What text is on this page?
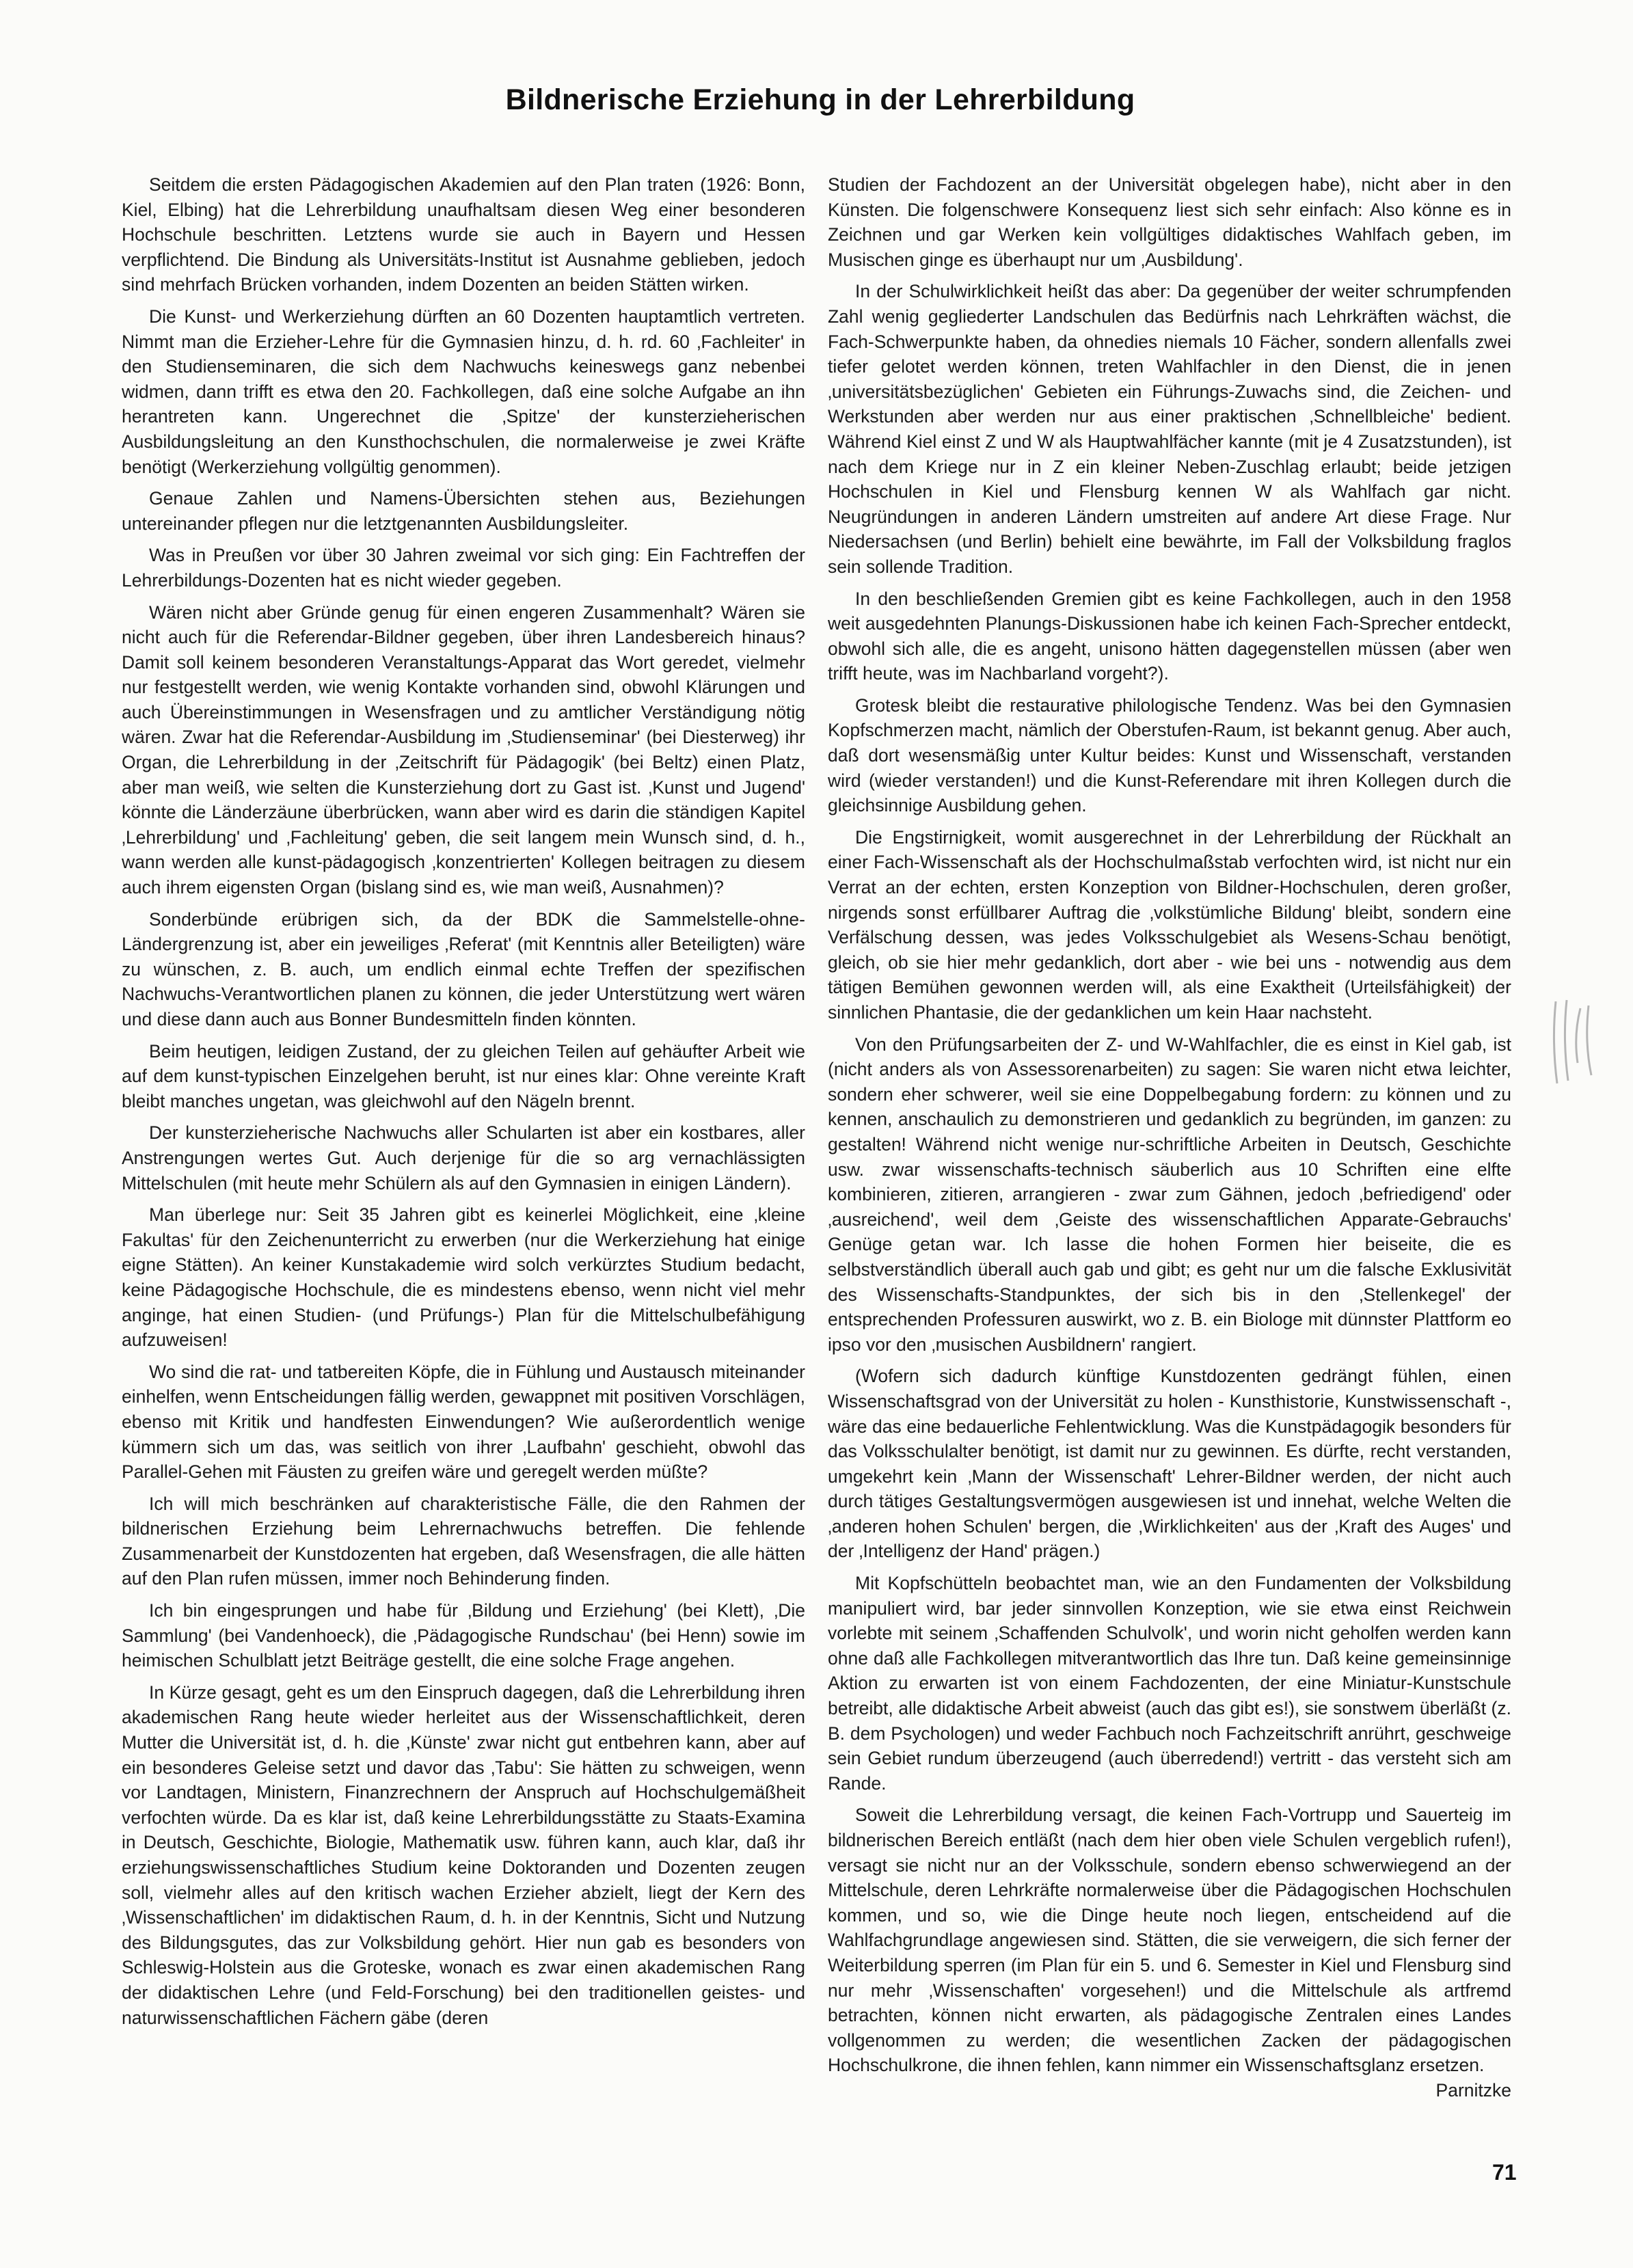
Bildnerische Erziehung in der Lehrerbildung

Seitdem die ersten Pädagogischen Akademien auf den Plan traten (1926: Bonn, Kiel, Elbing) hat die Lehrerbildung unaufhaltsam diesen Weg einer besonderen Hochschule beschritten. Letztens wurde sie auch in Bayern und Hessen verpflichtend. Die Bindung als Universitäts-Institut ist Ausnahme geblieben, jedoch sind mehrfach Brücken vorhanden, indem Dozenten an beiden Stätten wirken.

Die Kunst- und Werkerziehung dürften an 60 Dozenten hauptamtlich vertreten. Nimmt man die Erzieher-Lehre für die Gymnasien hinzu, d. h. rd. 60 ‚Fachleiter' in den Studienseminaren, die sich dem Nachwuchs keineswegs ganz nebenbei widmen, dann trifft es etwa den 20. Fachkollegen, daß eine solche Aufgabe an ihn herantreten kann. Ungerechnet die ‚Spitze' der kunsterzieherischen Ausbildungsleitung an den Kunsthochschulen, die normalerweise je zwei Kräfte benötigt (Werkerziehung vollgültig genommen).

Genaue Zahlen und Namens-Übersichten stehen aus, Beziehungen untereinander pflegen nur die letztgenannten Ausbildungsleiter.

Was in Preußen vor über 30 Jahren zweimal vor sich ging: Ein Fachtreffen der Lehrerbildungs-Dozenten hat es nicht wieder gegeben.

Wären nicht aber Gründe genug für einen engeren Zusammenhalt? Wären sie nicht auch für die Referendar-Bildner gegeben, über ihren Landesbereich hinaus? Damit soll keinem besonderen Veranstaltungs-Apparat das Wort geredet, vielmehr nur festgestellt werden, wie wenig Kontakte vorhanden sind, obwohl Klärungen und auch Übereinstimmungen in Wesensfragen und zu amtlicher Verständigung nötig wären. Zwar hat die Referendar-Ausbildung im ‚Studienseminar' (bei Diesterweg) ihr Organ, die Lehrerbildung in der ‚Zeitschrift für Pädagogik' (bei Beltz) einen Platz, aber man weiß, wie selten die Kunsterziehung dort zu Gast ist. ‚Kunst und Jugend' könnte die Länderzäune überbrücken, wann aber wird es darin die ständigen Kapitel ‚Lehrerbildung' und ‚Fachleitung' geben, die seit langem mein Wunsch sind, d. h., wann werden alle kunst-pädagogisch ‚konzentrierten' Kollegen beitragen zu diesem auch ihrem eigensten Organ (bislang sind es, wie man weiß, Ausnahmen)?

Sonderbünde erübrigen sich, da der BDK die Sammelstelle-ohne-Ländergrenzung ist, aber ein jeweiliges ‚Referat' (mit Kenntnis aller Beteiligten) wäre zu wünschen, z. B. auch, um endlich einmal echte Treffen der spezifischen Nachwuchs-Verantwortlichen planen zu können, die jeder Unterstützung wert wären und diese dann auch aus Bonner Bundesmitteln finden könnten.

Beim heutigen, leidigen Zustand, der zu gleichen Teilen auf gehäufter Arbeit wie auf dem kunst-typischen Einzelgehen beruht, ist nur eines klar: Ohne vereinte Kraft bleibt manches ungetan, was gleichwohl auf den Nägeln brennt.

Der kunsterzieherische Nachwuchs aller Schularten ist aber ein kostbares, aller Anstrengungen wertes Gut. Auch derjenige für die so arg vernachlässigten Mittelschulen (mit heute mehr Schülern als auf den Gymnasien in einigen Ländern).

Man überlege nur: Seit 35 Jahren gibt es keinerlei Möglichkeit, eine ‚kleine Fakultas' für den Zeichenunterricht zu erwerben (nur die Werkerziehung hat einige eigne Stätten). An keiner Kunstakademie wird solch verkürztes Studium bedacht, keine Pädagogische Hochschule, die es mindestens ebenso, wenn nicht viel mehr anginge, hat einen Studien- (und Prüfungs-) Plan für die Mittelschulbefähigung aufzuweisen!

Wo sind die rat- und tatbereiten Köpfe, die in Fühlung und Austausch miteinander einhelfen, wenn Entscheidungen fällig werden, gewappnet mit positiven Vorschlägen, ebenso mit Kritik und handfesten Einwendungen? Wie außerordentlich wenige kümmern sich um das, was seitlich von ihrer ‚Laufbahn' geschieht, obwohl das Parallel-Gehen mit Fäusten zu greifen wäre und geregelt werden müßte?

Ich will mich beschränken auf charakteristische Fälle, die den Rahmen der bildnerischen Erziehung beim Lehrernachwuchs betreffen. Die fehlende Zusammenarbeit der Kunstdozenten hat ergeben, daß Wesensfragen, die alle hätten auf den Plan rufen müssen, immer noch Behinderung finden.

Ich bin eingesprungen und habe für ‚Bildung und Erziehung' (bei Klett), ‚Die Sammlung' (bei Vandenhoeck), die ‚Pädagogische Rundschau' (bei Henn) sowie im heimischen Schulblatt jetzt Beiträge gestellt, die eine solche Frage angehen.

In Kürze gesagt, geht es um den Einspruch dagegen, daß die Lehrerbildung ihren akademischen Rang heute wieder herleitet aus der Wissenschaftlichkeit, deren Mutter die Universität ist, d. h. die ‚Künste' zwar nicht gut entbehren kann, aber auf ein besonderes Geleise setzt und davor das ‚Tabu': Sie hätten zu schweigen, wenn vor Landtagen, Ministern, Finanzrechnern der Anspruch auf Hochschulgemäßheit verfochten würde. Da es klar ist, daß keine Lehrerbildungsstätte zu Staats-Examina in Deutsch, Geschichte, Biologie, Mathematik usw. führen kann, auch klar, daß ihr erziehungswissenschaftliches Studium keine Doktoranden und Dozenten zeugen soll, vielmehr alles auf den kritisch wachen Erzieher abzielt, liegt der Kern des ‚Wissenschaftlichen' im didaktischen Raum, d. h. in der Kenntnis, Sicht und Nutzung des Bildungsgutes, das zur Volksbildung gehört. Hier nun gab es besonders von Schleswig-Holstein aus die Groteske, wonach es zwar einen akademischen Rang der didaktischen Lehre (und Feld-Forschung) bei den traditionellen geistes- und naturwissenschaftlichen Fächern gäbe (deren

Studien der Fachdozent an der Universität obgelegen habe), nicht aber in den Künsten. Die folgenschwere Konsequenz liest sich sehr einfach: Also könne es in Zeichnen und gar Werken kein vollgültiges didaktisches Wahlfach geben, im Musischen ginge es überhaupt nur um ‚Ausbildung'.

In der Schulwirklichkeit heißt das aber: Da gegenüber der weiter schrumpfenden Zahl wenig gegliederter Landschulen das Bedürfnis nach Lehrkräften wächst, die Fach-Schwerpunkte haben, da ohnedies niemals 10 Fächer, sondern allenfalls zwei tiefer gelotet werden können, treten Wahlfachler in den Dienst, die in jenen ‚universitätsbezüglichen' Gebieten ein Führungs-Zuwachs sind, die Zeichen- und Werkstunden aber werden nur aus einer praktischen ‚Schnellbleiche' bedient. Während Kiel einst Z und W als Hauptwahlfächer kannte (mit je 4 Zusatzstunden), ist nach dem Kriege nur in Z ein kleiner Neben-Zuschlag erlaubt; beide jetzigen Hochschulen in Kiel und Flensburg kennen W als Wahlfach gar nicht. Neugründungen in anderen Ländern umstreiten auf andere Art diese Frage. Nur Niedersachsen (und Berlin) behielt eine bewährte, im Fall der Volksbildung fraglos sein sollende Tradition.

In den beschließenden Gremien gibt es keine Fachkollegen, auch in den 1958 weit ausgedehnten Planungs-Diskussionen habe ich keinen Fach-Sprecher entdeckt, obwohl sich alle, die es angeht, unisono hätten dagegenstellen müssen (aber wen trifft heute, was im Nachbarland vorgeht?).

Grotesk bleibt die restaurative philologische Tendenz. Was bei den Gymnasien Kopfschmerzen macht, nämlich der Oberstufen-Raum, ist bekannt genug. Aber auch, daß dort wesensmäßig unter Kultur beides: Kunst und Wissenschaft, verstanden wird (wieder verstanden!) und die Kunst-Referendare mit ihren Kollegen durch die gleichsinnige Ausbildung gehen.

Die Engstirnigkeit, womit ausgerechnet in der Lehrerbildung der Rückhalt an einer Fach-Wissenschaft als der Hochschulmaßstab verfochten wird, ist nicht nur ein Verrat an der echten, ersten Konzeption von Bildner-Hochschulen, deren großer, nirgends sonst erfüllbarer Auftrag die ‚volkstümliche Bildung' bleibt, sondern eine Verfälschung dessen, was jedes Volksschulgebiet als Wesens-Schau benötigt, gleich, ob sie hier mehr gedanklich, dort aber - wie bei uns - notwendig aus dem tätigen Bemühen gewonnen werden will, als eine Exaktheit (Urteilsfähigkeit) der sinnlichen Phantasie, die der gedanklichen um kein Haar nachsteht.

Von den Prüfungsarbeiten der Z- und W-Wahlfachler, die es einst in Kiel gab, ist (nicht anders als von Assessorenarbeiten) zu sagen: Sie waren nicht etwa leichter, sondern eher schwerer, weil sie eine Doppelbegabung fordern: zu können und zu kennen, anschaulich zu demonstrieren und gedanklich zu begründen, im ganzen: zu gestalten! Während nicht wenige nur-schriftliche Arbeiten in Deutsch, Geschichte usw. zwar wissenschafts-technisch säuberlich aus 10 Schriften eine elfte kombinieren, zitieren, arrangieren - zwar zum Gähnen, jedoch ‚befriedigend' oder ‚ausreichend', weil dem ‚Geiste des wissenschaftlichen Apparate-Gebrauchs' Genüge getan war. Ich lasse die hohen Formen hier beiseite, die es selbstverständlich überall auch gab und gibt; es geht nur um die falsche Exklusivität des Wissenschafts-Standpunktes, der sich bis in den ‚Stellenkegel' der entsprechenden Professuren auswirkt, wo z. B. ein Biologe mit dünnster Plattform eo ipso vor den ‚musischen Ausbildnern' rangiert.

(Wofern sich dadurch künftige Kunstdozenten gedrängt fühlen, einen Wissenschaftsgrad von der Universität zu holen - Kunsthistorie, Kunstwissenschaft -, wäre das eine bedauerliche Fehlentwicklung. Was die Kunstpädagogik besonders für das Volksschulalter benötigt, ist damit nur zu gewinnen. Es dürfte, recht verstanden, umgekehrt kein ‚Mann der Wissenschaft' Lehrer-Bildner werden, der nicht auch durch tätiges Gestaltungsvermögen ausgewiesen ist und innehat, welche Welten die ‚anderen hohen Schulen' bergen, die ‚Wirklichkeiten' aus der ‚Kraft des Auges' und der ‚Intelligenz der Hand' prägen.)

Mit Kopfschütteln beobachtet man, wie an den Fundamenten der Volksbildung manipuliert wird, bar jeder sinnvollen Konzeption, wie sie etwa einst Reichwein vorlebte mit seinem ‚Schaffenden Schulvolk', und worin nicht geholfen werden kann ohne daß alle Fachkollegen mitverantwortlich das Ihre tun. Daß keine gemeinsinnige Aktion zu erwarten ist von einem Fachdozenten, der eine Miniatur-Kunstschule betreibt, alle didaktische Arbeit abweist (auch das gibt es!), sie sonstwem überläßt (z. B. dem Psychologen) und weder Fachbuch noch Fachzeitschrift anrührt, geschweige sein Gebiet rundum überzeugend (auch überredend!) vertritt - das versteht sich am Rande.

Soweit die Lehrerbildung versagt, die keinen Fach-Vortrupp und Sauerteig im bildnerischen Bereich entläßt (nach dem hier oben viele Schulen vergeblich rufen!), versagt sie nicht nur an der Volksschule, sondern ebenso schwerwiegend an der Mittelschule, deren Lehrkräfte normalerweise über die Pädagogischen Hochschulen kommen, und so, wie die Dinge heute noch liegen, entscheidend auf die Wahlfachgrundlage angewiesen sind. Stätten, die sie verweigern, die sich ferner der Weiterbildung sperren (im Plan für ein 5. und 6. Semester in Kiel und Flensburg sind nur mehr ‚Wissenschaften' vorgesehen!) und die Mittelschule als artfremd betrachten, können nicht erwarten, als pädagogische Zentralen eines Landes vollgenommen zu werden; die wesentlichen Zacken der pädagogischen Hochschulkrone, die ihnen fehlen, kann nimmer ein Wissenschaftsglanz ersetzen.
Parnitzke

71
